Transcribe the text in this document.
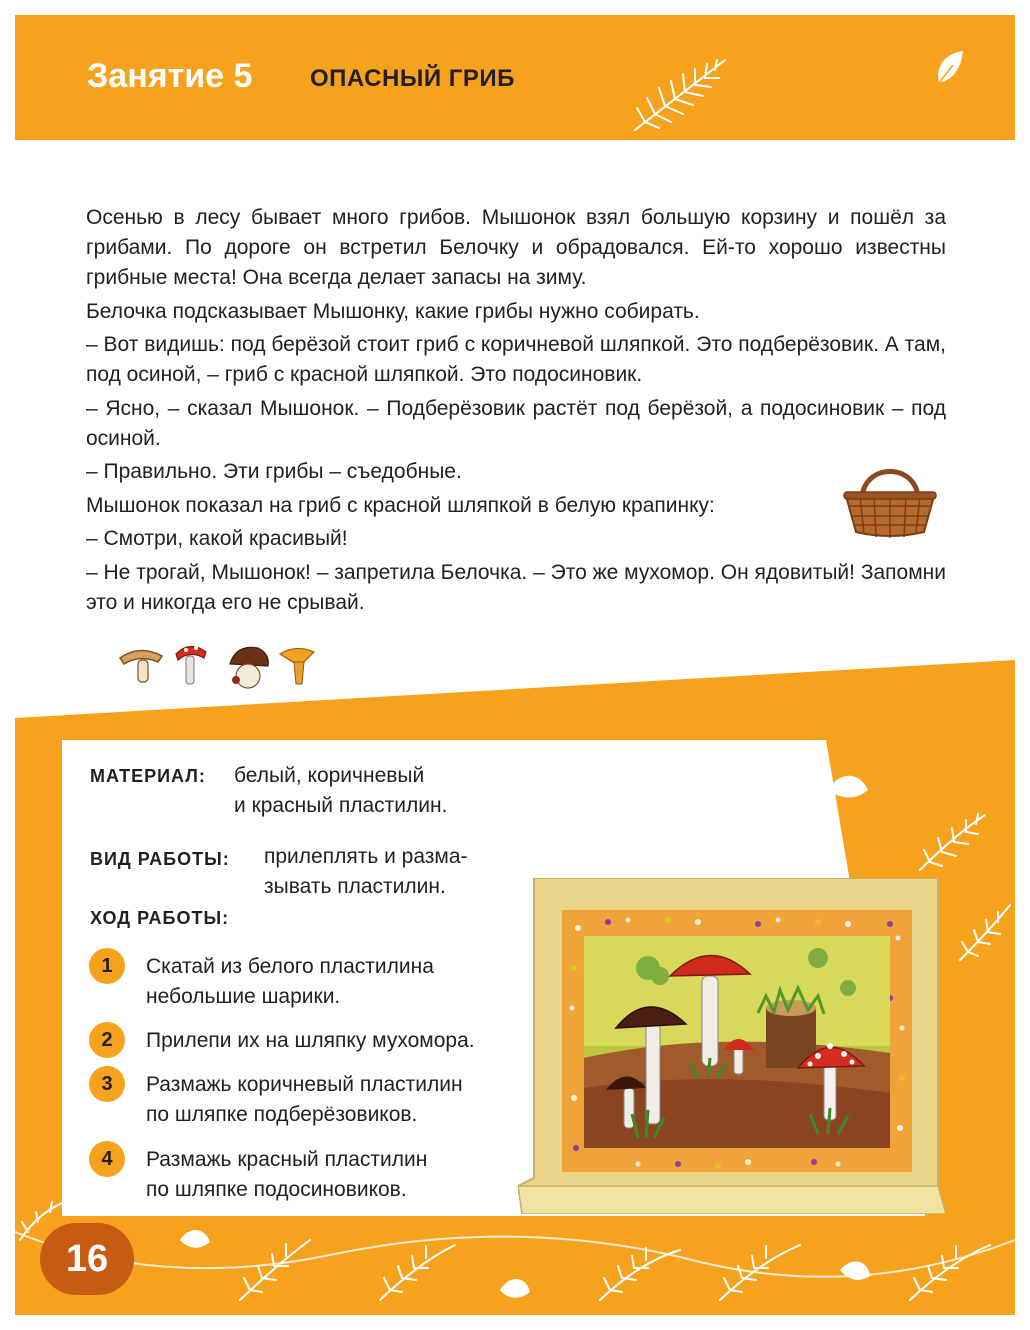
Занятие 5 ОПАСНЫЙ ГРИБ

Осенью в лесу бывает много грибов. Мышонок взял большую корзину и пошёл за грибами. По дороге он встретил Белочку и обрадовался. Ей-то хорошо известны грибные места! Она всегда делает запасы на зиму.

Белочка подсказывает Мышонку, какие грибы нужно собирать.

– Вот видишь: под берёзой стоит гриб с коричневой шляпкой. Это подберёзовик. А там, под осиной, – гриб с красной шляпкой. Это подосиновик.

– Ясно, – сказал Мышонок. – Подберёзовик растёт под берёзой, а подосиновик – под осиной.

– Правильно. Эти грибы – съедобные.

Мышонок показал на гриб с красной шляпкой в белую крапинку:

– Смотри, какой красивый!

– Не трогай, Мышонок! – запретила Белочка. – Это же мухомор. Он ядовитый! Запомни это и никогда его не срывай.

МАТЕРИАЛ: белый, коричневый
и красный пластилин.
ВИД РАБОТЫ: прилеплять и размa-
зывать пластилин.
ХОД РАБОТЫ:
1	Скатай из белого пластилина
небольшие шарики.
2	Прилепи их на шляпку мухомора.
3	Размажь коричневый пластилин
по шляпке подберёзовиков.
4	Размажь красный пластилин
по шляпке подосиновиков.
16
